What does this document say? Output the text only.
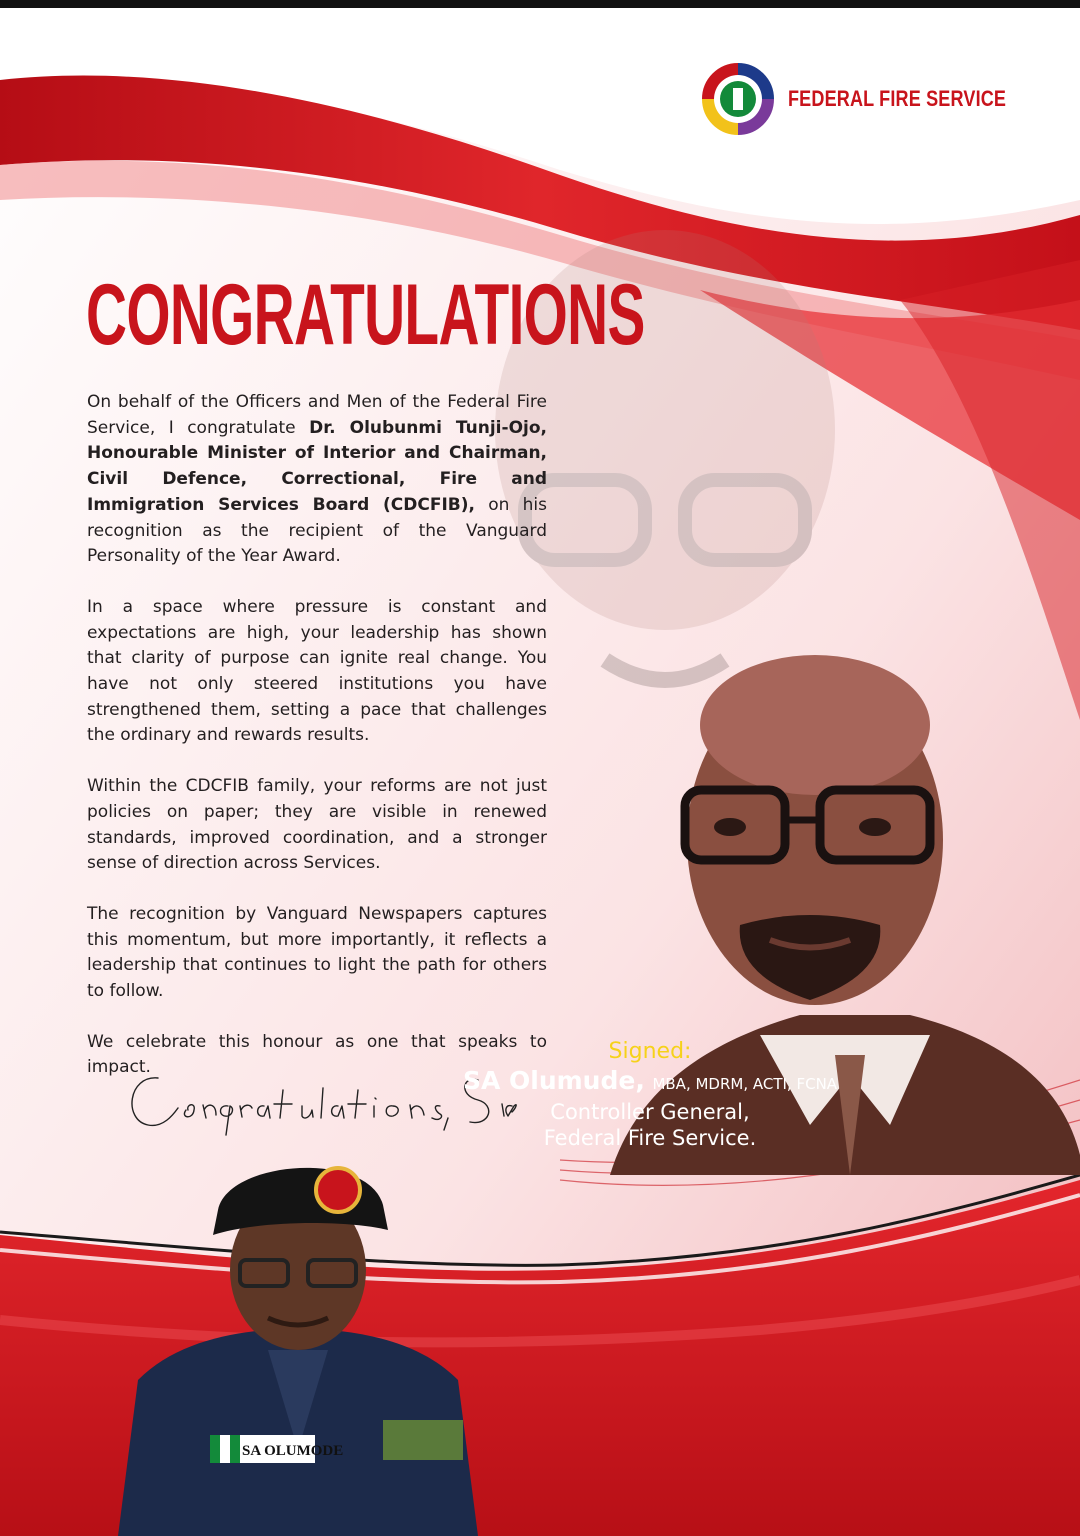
SA OLUMODE
FEDERAL FIRE SERVICE
CONGRATULATIONS

On behalf of the Officers and Men of the Federal Fire Service, I congratulate Dr. Olubunmi Tunji-Ojo, Honourable Minister of Interior and Chairman, Civil Defence, Correctional, Fire and Immigration Services Board (CDCFIB), on his recognition as the recipient of the Vanguard Personality of the Year Award.

In a space where pressure is constant and expectations are high, your leadership has shown that clarity of purpose can ignite real change. You have not only steered institutions you have strengthened them, setting a pace that challenges the ordinary and rewards results.

Within the CDCFIB family, your reforms are not just policies on paper; they are visible in renewed standards, improved coordination, and a stronger sense of direction across Services.

The recognition by Vanguard Newspapers captures this momentum, but more importantly, it reflects a leadership that continues to light the path for others to follow.

We celebrate this honour as one that speaks to impact.

Signed:
SA Olumude, MBA, MDRM, ACTI, FCNA
Controller General,
Federal Fire Service.
